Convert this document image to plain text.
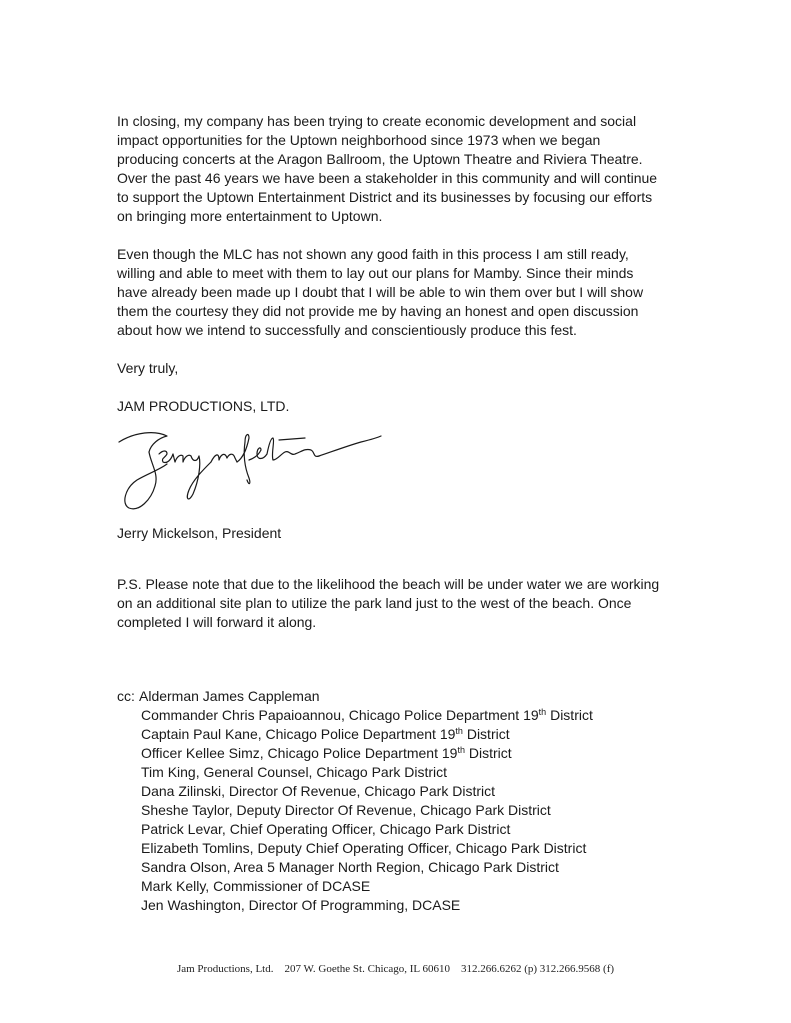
In closing, my company has been trying to create economic development and social
impact opportunities for the Uptown neighborhood since 1973 when we began
producing concerts at the Aragon Ballroom, the Uptown Theatre and Riviera Theatre.
Over the past 46 years we have been a stakeholder in this community and will continue
to support the Uptown Entertainment District and its businesses by focusing our efforts
on bringing more entertainment to Uptown.

Even though the MLC has not shown any good faith in this process I am still ready,
willing and able to meet with them to lay out our plans for Mamby. Since their minds
have already been made up I doubt that I will be able to win them over but I will show
them the courtesy they did not provide me by having an honest and open discussion
about how we intend to successfully and conscientiously produce this fest.

Very truly,

JAM PRODUCTIONS, LTD.

Jerry Mickelson, President

P.S. Please note that due to the likelihood the beach will be under water we are working
on an additional site plan to utilize the park land just to the west of the beach. Once
completed I will forward it along.

cc: Alderman James Cappleman
Commander Chris Papaioannou, Chicago Police Department 19th District
Captain Paul Kane, Chicago Police Department 19th District
Officer Kellee Simz, Chicago Police Department 19th District
Tim King, General Counsel, Chicago Park District
Dana Zilinski, Director Of Revenue, Chicago Park District
Sheshe Taylor, Deputy Director Of Revenue, Chicago Park District
Patrick Levar, Chief Operating Officer, Chicago Park District
Elizabeth Tomlins, Deputy Chief Operating Officer, Chicago Park District
Sandra Olson, Area 5 Manager North Region, Chicago Park District
Mark Kelly, Commissioner of DCASE
Jen Washington, Director Of Programming, DCASE
Jam Productions, Ltd.    207 W. Goethe St. Chicago, IL 60610    312.266.6262 (p) 312.266.9568 (f)
